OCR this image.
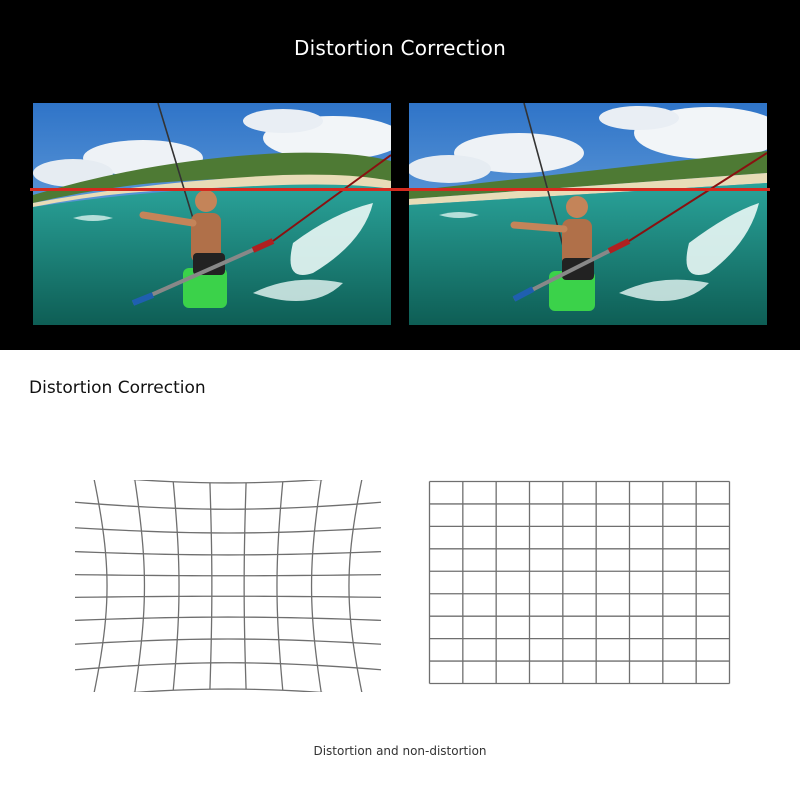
Distortion Correction
Distortion Correction
Distortion and non-distortion
